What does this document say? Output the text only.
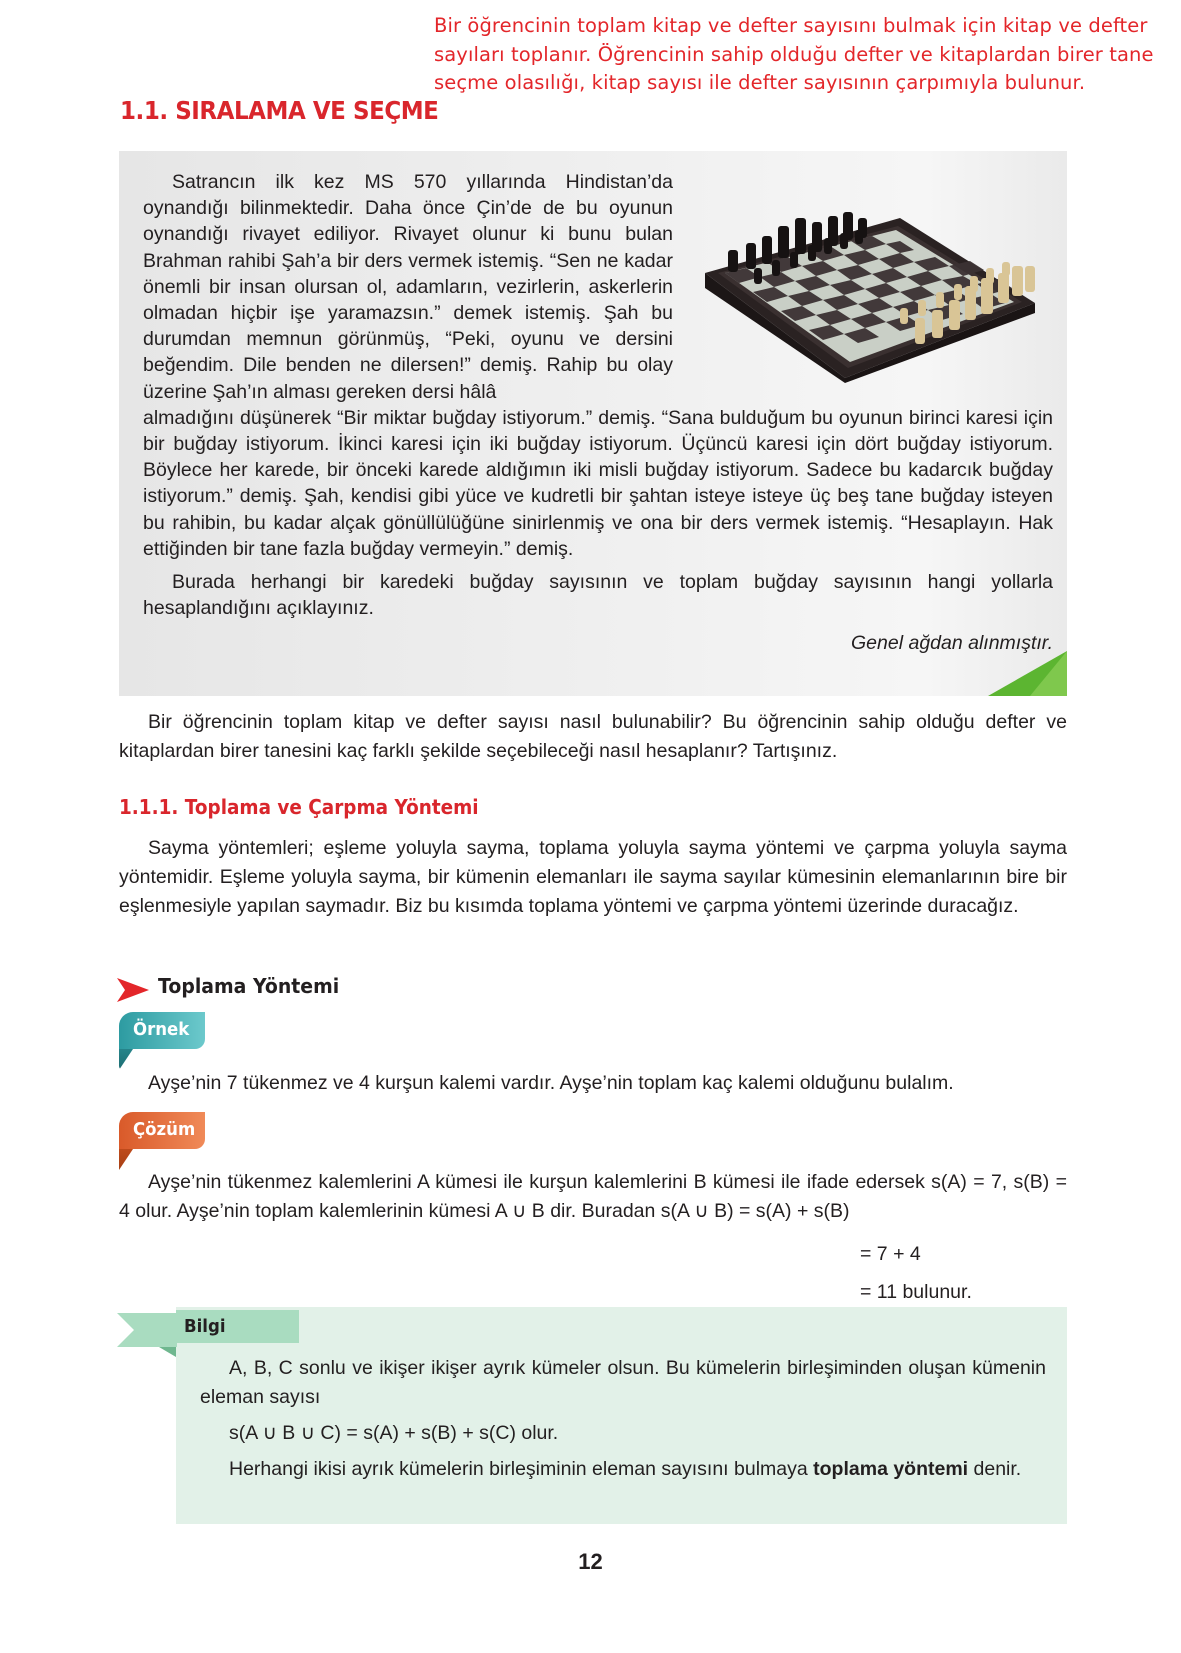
Bir öğrencinin toplam kitap ve defter sayısını bulmak için kitap ve defter sayıları toplanır. Öğrencinin sahip olduğu defter ve kitaplardan birer tane seçme olasılığı, kitap sayısı ile defter sayısının çarpımıyla bulunur.
1.1. SIRALAMA VE SEÇME

Satrancın ilk kez MS 570 yıllarında Hindistan’da oynandığı bilinmektedir. Daha önce Çin’de de bu oyunun oynandığı rivayet ediliyor. Rivayet olunur ki bunu bulan Brahman rahibi Şah’a bir ders vermek istemiş. “Sen ne kadar önemli bir insan olursan ol, adamların, vezirlerin, askerlerin olmadan hiçbir işe yaramazsın.” demek istemiş. Şah bu durumdan memnun görünmüş, “Peki, oyunu ve dersini beğendim. Dile benden ne dilersen!” demiş. Rahip bu olay üzerine Şah’ın alması gereken dersi hâlâ

almadığını düşünerek “Bir miktar buğday istiyorum.” demiş. “Sana bulduğum bu oyunun birinci karesi için bir buğday istiyorum. İkinci karesi için iki buğday istiyorum. Üçüncü karesi için dört buğday istiyorum. Böylece her karede, bir önceki karede aldığımın iki misli buğday istiyorum. Sadece bu kadarcık buğday istiyorum.” demiş. Şah, kendisi gibi yüce ve kudretli bir şahtan isteye isteye üç beş tane buğday isteyen bu rahibin, bu kadar alçak gönüllülüğüne sinirlenmiş ve ona bir ders vermek istemiş. “Hesaplayın. Hak ettiğinden bir tane fazla buğday vermeyin.” demiş.

Burada herhangi bir karedeki buğday sayısının ve toplam buğday sayısının hangi yollarla hesaplandığını açıklayınız.

Genel ağdan alınmıştır.
Bir öğrencinin toplam kitap ve defter sayısı nasıl bulunabilir? Bu öğrencinin sahip olduğu defter ve kitaplardan birer tanesini kaç farklı şekilde seçebileceği nasıl hesaplanır? Tartışınız.
1.1.1. Toplama ve Çarpma Yöntemi
Sayma yöntemleri; eşleme yoluyla sayma, toplama yoluyla sayma yöntemi ve çarpma yoluyla sayma yöntemidir. Eşleme yoluyla sayma, bir kümenin elemanları ile sayma sayılar kümesinin elemanlarının bire bir eşlenmesiyle yapılan saymadır. Biz bu kısımda toplama yöntemi ve çarpma yöntemi üzerinde duracağız.
Toplama Yöntemi
Örnek
Ayşe’nin 7 tükenmez ve 4 kurşun kalemi vardır. Ayşe’nin toplam kaç kalemi olduğunu bulalım.
Çözüm
Ayşe’nin tükenmez kalemlerini A kümesi ile kurşun kalemlerini B kümesi ile ifade edersek s(A) = 7, s(B) = 4 olur. Ayşe’nin toplam kalemlerinin kümesi A ∪ B dir. Buradan s(A ∪ B) = s(A) + s(B)
= 7 + 4
= 11 bulunur.
Bilgi

A, B, C sonlu ve ikişer ikişer ayrık kümeler olsun. Bu kümelerin birleşiminden oluşan kümenin eleman sayısı

s(A ∪ B ∪ C) = s(A) + s(B) + s(C) olur.

Herhangi ikisi ayrık kümelerin birleşiminin eleman sayısını bulmaya toplama yöntemi denir.

12
